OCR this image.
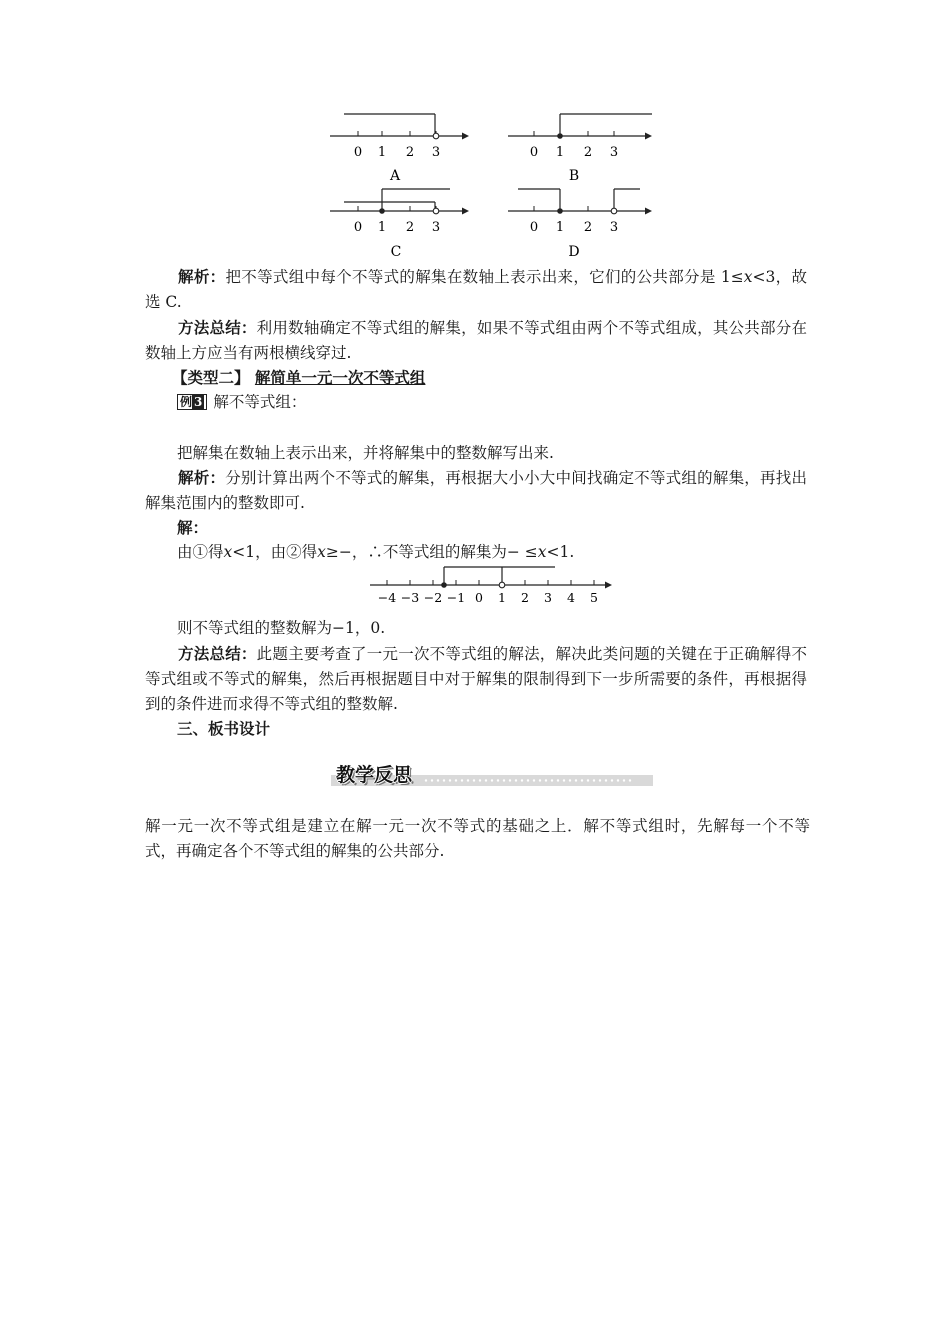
0 1 2 3
A
0 1 2 3
B
0 1 2 3
C
0 1 2 3
D
解析：把不等式组中每个不等式的解集在数轴上表示出来，它们的公共部分是 1≤x<3，故选 C.
方法总结：利用数轴确定不等式组的解集，如果不等式组由两个不等式组成，其公共部分在数轴上方应当有两根横线穿过.
【类型二】 解简单一元一次不等式组
例 3 解不等式组：
把解集在数轴上表示出来，并将解集中的整数解写出来.
解析：分别计算出两个不等式的解集，再根据大小小大中间找确定不等式组的解集，再找出解集范围内的整数即可.
解：
由①得x<1，由②得x≥−，∴不等式组的解集为− ≤x<1.
−4 −3 −2 −1 0 1 2 3 4 5
则不等式组的整数解为−1，0.
方法总结：此题主要考查了一元一次不等式组的解法，解决此类问题的关键在于正确解得不等式组或不等式的解集，然后再根据题目中对于解集的限制得到下一步所需要的条件，再根据得到的条件进而求得不等式组的整数解.
三、板书设计
教学反思
解一元一次不等式组是建立在解一元一次不等式的基础之上．解不等式组时，先解每一个不等式，再确定各个不等式组的解集的公共部分.
